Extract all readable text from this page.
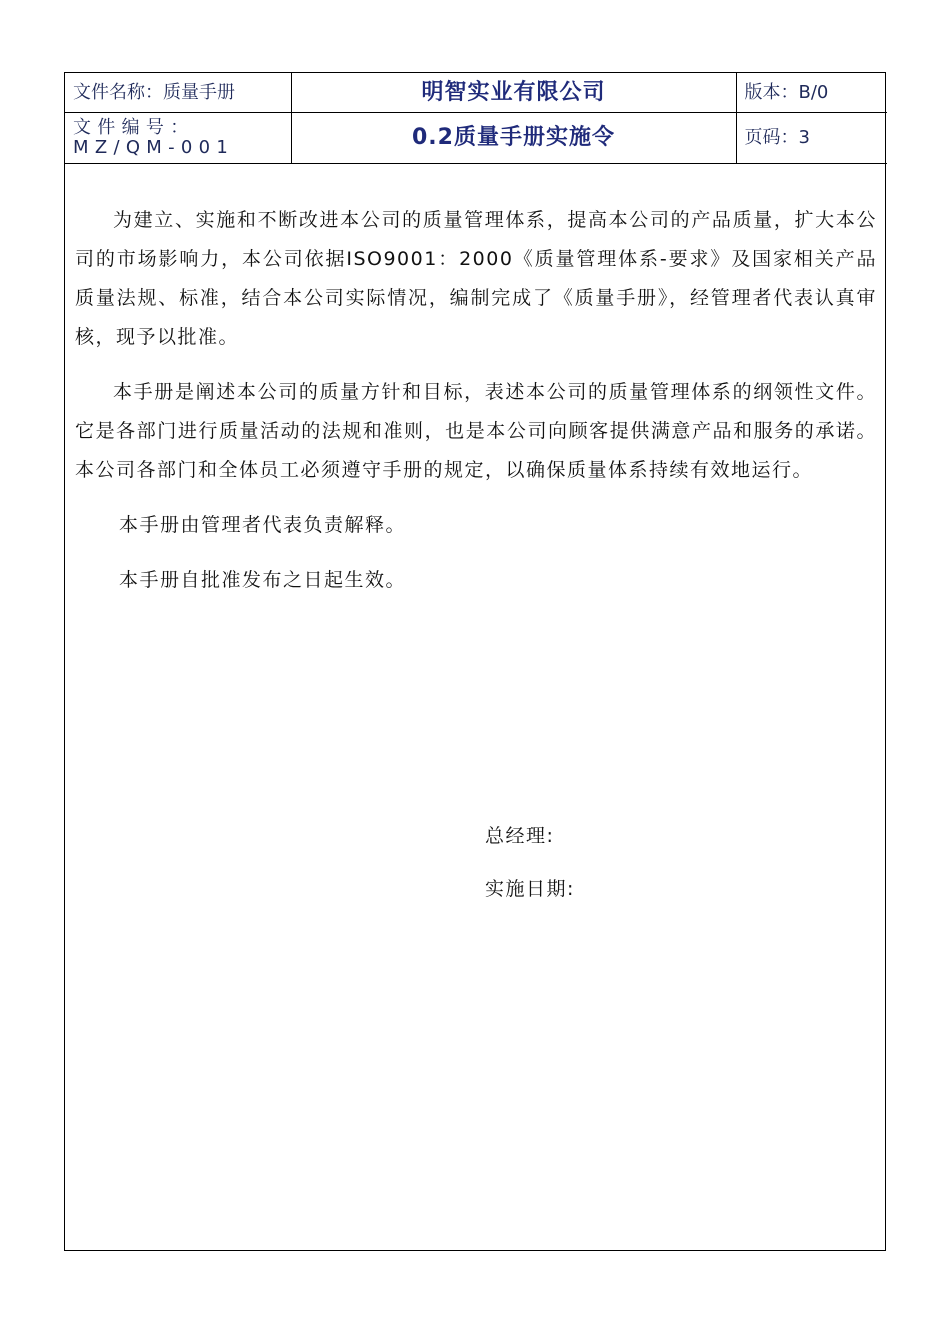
文件名称：质量手册	明智实业有限公司	版本：B/0
文件编号：MZ/QM-001	0.2质量手册实施令	页码：3

为建立、实施和不断改进本公司的质量管理体系，提高本公司的产品质量，扩大本公司的市场影响力，本公司依据ISO9001：2000《质量管理体系-要求》及国家相关产品质量法规、标准，结合本公司实际情况，编制完成了《质量手册》，经管理者代表认真审核，现予以批准。

本手册是阐述本公司的质量方针和目标，表述本公司的质量管理体系的纲领性文件。它是各部门进行质量活动的法规和准则，也是本公司向顾客提供满意产品和服务的承诺。本公司各部门和全体员工必须遵守手册的规定，以确保质量体系持续有效地运行。

本手册由管理者代表负责解释。

本手册自批准发布之日起生效。

总经理:
实施日期:
